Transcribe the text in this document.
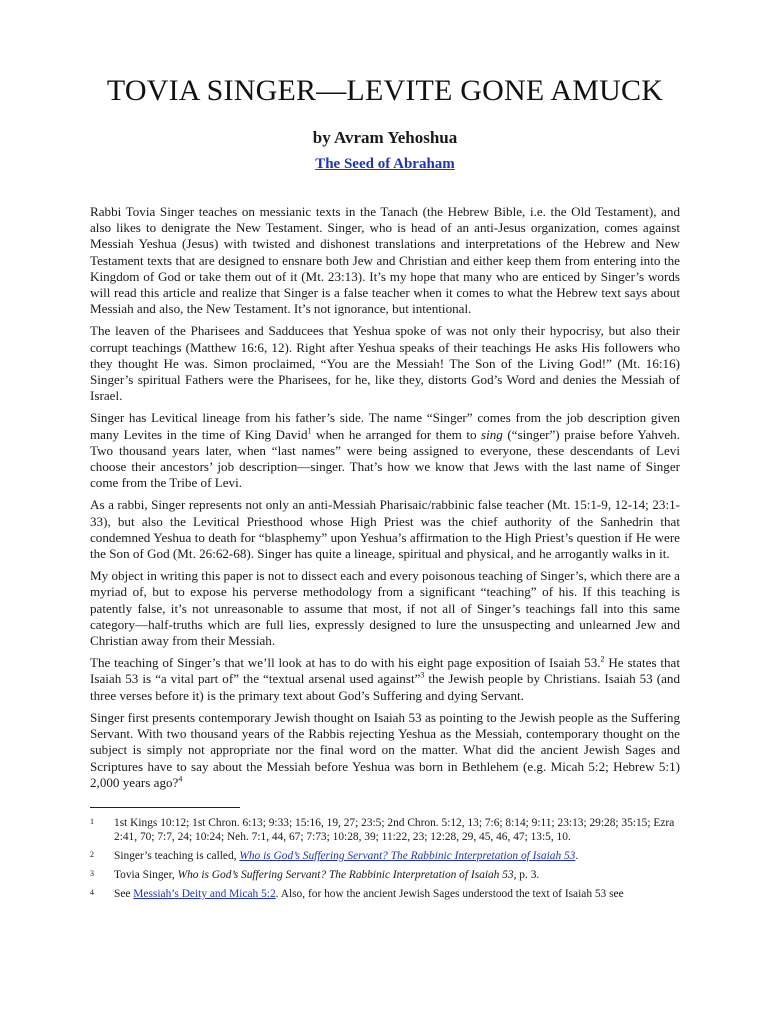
TOVIA SINGER—LEVITE GONE AMUCK

by Avram Yehoshua

The Seed of Abraham

Rabbi Tovia Singer teaches on messianic texts in the Tanach (the Hebrew Bible, i.e. the Old Testament), and also likes to denigrate the New Testament. Singer, who is head of an anti-Jesus organization, comes against Messiah Yeshua (Jesus) with twisted and dishonest translations and interpretations of the Hebrew and New Testament texts that are designed to ensnare both Jew and Christian and either keep them from entering into the Kingdom of God or take them out of it (Mt. 23:13). It’s my hope that many who are enticed by Singer’s words will read this article and realize that Singer is a false teacher when it comes to what the Hebrew text says about Messiah and also, the New Testament. It’s not ignorance, but intentional.

The leaven of the Pharisees and Sadducees that Yeshua spoke of was not only their hypocrisy, but also their corrupt teachings (Matthew 16:6, 12). Right after Yeshua speaks of their teachings He asks His followers who they thought He was. Simon proclaimed, “You are the Messiah! The Son of the Living God!” (Mt. 16:16) Singer’s spiritual Fathers were the Pharisees, for he, like they, distorts God’s Word and denies the Messiah of Israel.

Singer has Levitical lineage from his father’s side. The name “Singer” comes from the job description given many Levites in the time of King David$^1$ when he arranged for them to sing (“singer”) praise before Yahveh. Two thousand years later, when “last names” were being assigned to everyone, these descendants of Levi choose their ancestors’ job description—singer. That’s how we know that Jews with the last name of Singer come from the Tribe of Levi.

As a rabbi, Singer represents not only an anti-Messiah Pharisaic/rabbinic false teacher (Mt. 15:1-9, 12-14; 23:1-33), but also the Levitical Priesthood whose High Priest was the chief authority of the Sanhedrin that condemned Yeshua to death for “blasphemy” upon Yeshua’s affirmation to the High Priest’s question if He were the Son of God (Mt. 26:62-68). Singer has quite a lineage, spiritual and physical, and he arrogantly walks in it.

My object in writing this paper is not to dissect each and every poisonous teaching of Singer’s, which there are a myriad of, but to expose his perverse methodology from a significant “teaching” of his. If this teaching is patently false, it’s not unreasonable to assume that most, if not all of Singer’s teachings fall into this same category—half-truths which are full lies, expressly designed to lure the unsuspecting and unlearned Jew and Christian away from their Messiah.

The teaching of Singer’s that we’ll look at has to do with his eight page exposition of Isaiah 53.$^2$ He states that Isaiah 53 is “a vital part of” the “textual arsenal used against”$^3$ the Jewish people by Christians. Isaiah 53 (and three verses before it) is the primary text about God’s Suffering and dying Servant.

Singer first presents contemporary Jewish thought on Isaiah 53 as pointing to the Jewish people as the Suffering Servant. With two thousand years of the Rabbis rejecting Yeshua as the Messiah, contemporary thought on the subject is simply not appropriate nor the final word on the matter. What did the ancient Jewish Sages and Scriptures have to say about the Messiah before Yeshua was born in Bethlehem (e.g. Micah 5:2; Hebrew 5:1) 2,000 years ago?$^4$

1	1st Kings 10:12; 1st Chron. 6:13; 9:33; 15:16, 19, 27; 23:5; 2nd Chron. 5:12, 13; 7:6; 8:14; 9:11; 23:13; 29:28; 35:15; Ezra 2:41, 70; 7:7, 24; 10:24; Neh. 7:1, 44, 67; 7:73; 10:28, 39; 11:22, 23; 12:28, 29, 45, 46, 47; 13:5, 10.
2	Singer’s teaching is called, Who is God’s Suffering Servant? The Rabbinic Interpretation of Isaiah 53.
3	Tovia Singer, Who is God’s Suffering Servant? The Rabbinic Interpretation of Isaiah 53, p. 3.
4	See Messiah’s Deity and Micah 5:2. Also, for how the ancient Jewish Sages understood the text of Isaiah 53 see
